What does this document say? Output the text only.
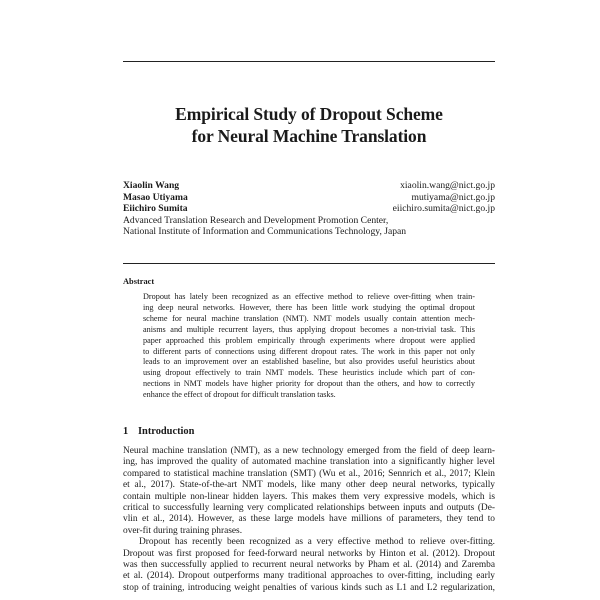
Empirical Study of Dropout Scheme
for Neural Machine Translation
Xiaolin Wang	xiaolin.wang@nict.go.jp
Masao Utiyama	mutiyama@nict.go.jp
Eiichiro Sumita	eiichiro.sumita@nict.go.jp
Advanced Translation Research and Development Promotion Center,
National Institute of Information and Communications Technology, Japan
Abstract
Dropout has lately been recognized as an effective method to relieve over-fitting when train-
ing deep neural networks. However, there has been little work studying the optimal dropout
scheme for neural machine translation (NMT). NMT models usually contain attention mech-
anisms and multiple recurrent layers, thus applying dropout becomes a non-trivial task. This
paper approached this problem empirically through experiments where dropout were applied
to different parts of connections using different dropout rates. The work in this paper not only
leads to an improvement over an established baseline, but also provides useful heuristics about
using dropout effectively to train NMT models. These heuristics include which part of con-
nections in NMT models have higher priority for dropout than the others, and how to correctly
enhance the effect of dropout for difficult translation tasks.
1 Introduction
Neural machine translation (NMT), as a new technology emerged from the field of deep learn-
ing, has improved the quality of automated machine translation into a significantly higher level
compared to statistical machine translation (SMT) (Wu et al., 2016; Sennrich et al., 2017; Klein
et al., 2017). State-of-the-art NMT models, like many other deep neural networks, typically
contain multiple non-linear hidden layers. This makes them very expressive models, which is
critical to successfully learning very complicated relationships between inputs and outputs (De-
vlin et al., 2014). However, as these large models have millions of parameters, they tend to
over-fit during training phrases.
Dropout has recently been recognized as a very effective method to relieve over-fitting.
Dropout was first proposed for feed-forward neural networks by Hinton et al. (2012). Dropout
was then successfully applied to recurrent neural networks by Pham et al. (2014) and Zaremba
et al. (2014). Dropout outperforms many traditional approaches to over-fitting, including early
stop of training, introducing weight penalties of various kinds such as L1 and L2 regularization,
